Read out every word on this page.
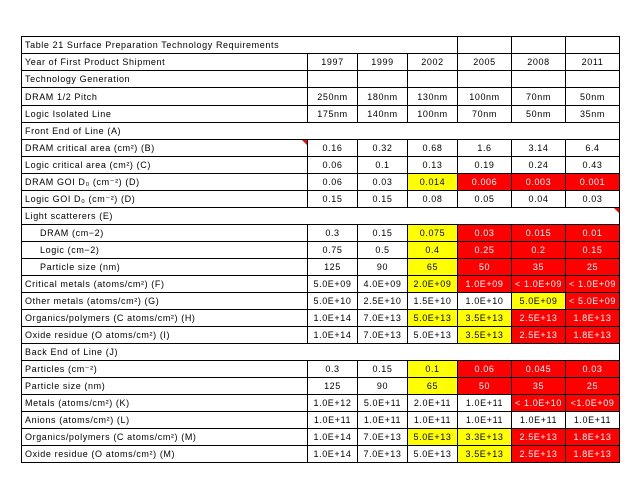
Table 21 Surface Preparation Technology Requirements						
Year of First Product Shipment	1997	1999	2002	2005	2008	2011
Technology Generation						
DRAM 1/2 Pitch	250nm	180nm	130nm	100nm	70nm	50nm
Logic Isolated Line	175nm	140nm	100nm	70nm	50nm	35nm
Front End of Line (A)						
DRAM critical area (cm²) (B)	0.16	0.32	0.68	1.6	3.14	6.4
Logic critical area (cm²) (C)	0.06	0.1	0.13	0.19	0.24	0.43
DRAM GOI D₀ (cm⁻²) (D)	0.06	0.03	0.014	0.006	0.003	0.001
Logic GOI D₀ (cm⁻²) (D)	0.15	0.15	0.08	0.05	0.04	0.03
Light scatterers (E)						
DRAM (cm−2)	0.3	0.15	0.075	0.03	0.015	0.01
Logic (cm−2)	0.75	0.5	0.4	0.25	0.2	0.15
Particle size (nm)	125	90	65	50	35	25
Critical metals (atoms/cm²) (F)	5.0E+09	4.0E+09	2.0E+09	1.0E+09	< 1.0E+09	< 1.0E+09
Other metals (atoms/cm²) (G)	5.0E+10	2.5E+10	1.5E+10	1.0E+10	5.0E+09	< 5.0E+09
Organics/polymers (C atoms/cm²) (H)	1.0E+14	7.0E+13	5.0E+13	3.5E+13	2.5E+13	1.8E+13
Oxide residue (O atoms/cm²) (I)	1.0E+14	7.0E+13	5.0E+13	3.5E+13	2.5E+13	1.8E+13
Back End of Line (J)						
Particles (cm⁻²)	0.3	0.15	0.1	0.06	0.045	0.03
Particle size (nm)	125	90	65	50	35	25
Metals (atoms/cm²) (K)	1.0E+12	5.0E+11	2.0E+11	1.0E+11	< 1.0E+10	<1.0E+09
Anions (atoms/cm²) (L)	1.0E+11	1.0E+11	1.0E+11	1.0E+11	1.0E+11	1.0E+11
Organics/polymers (C atoms/cm²) (M)	1.0E+14	7.0E+13	5.0E+13	3.3E+13	2.5E+13	1.8E+13
Oxide residue (O atoms/cm²) (M)	1.0E+14	7.0E+13	5.0E+13	3.5E+13	2.5E+13	1.8E+13
